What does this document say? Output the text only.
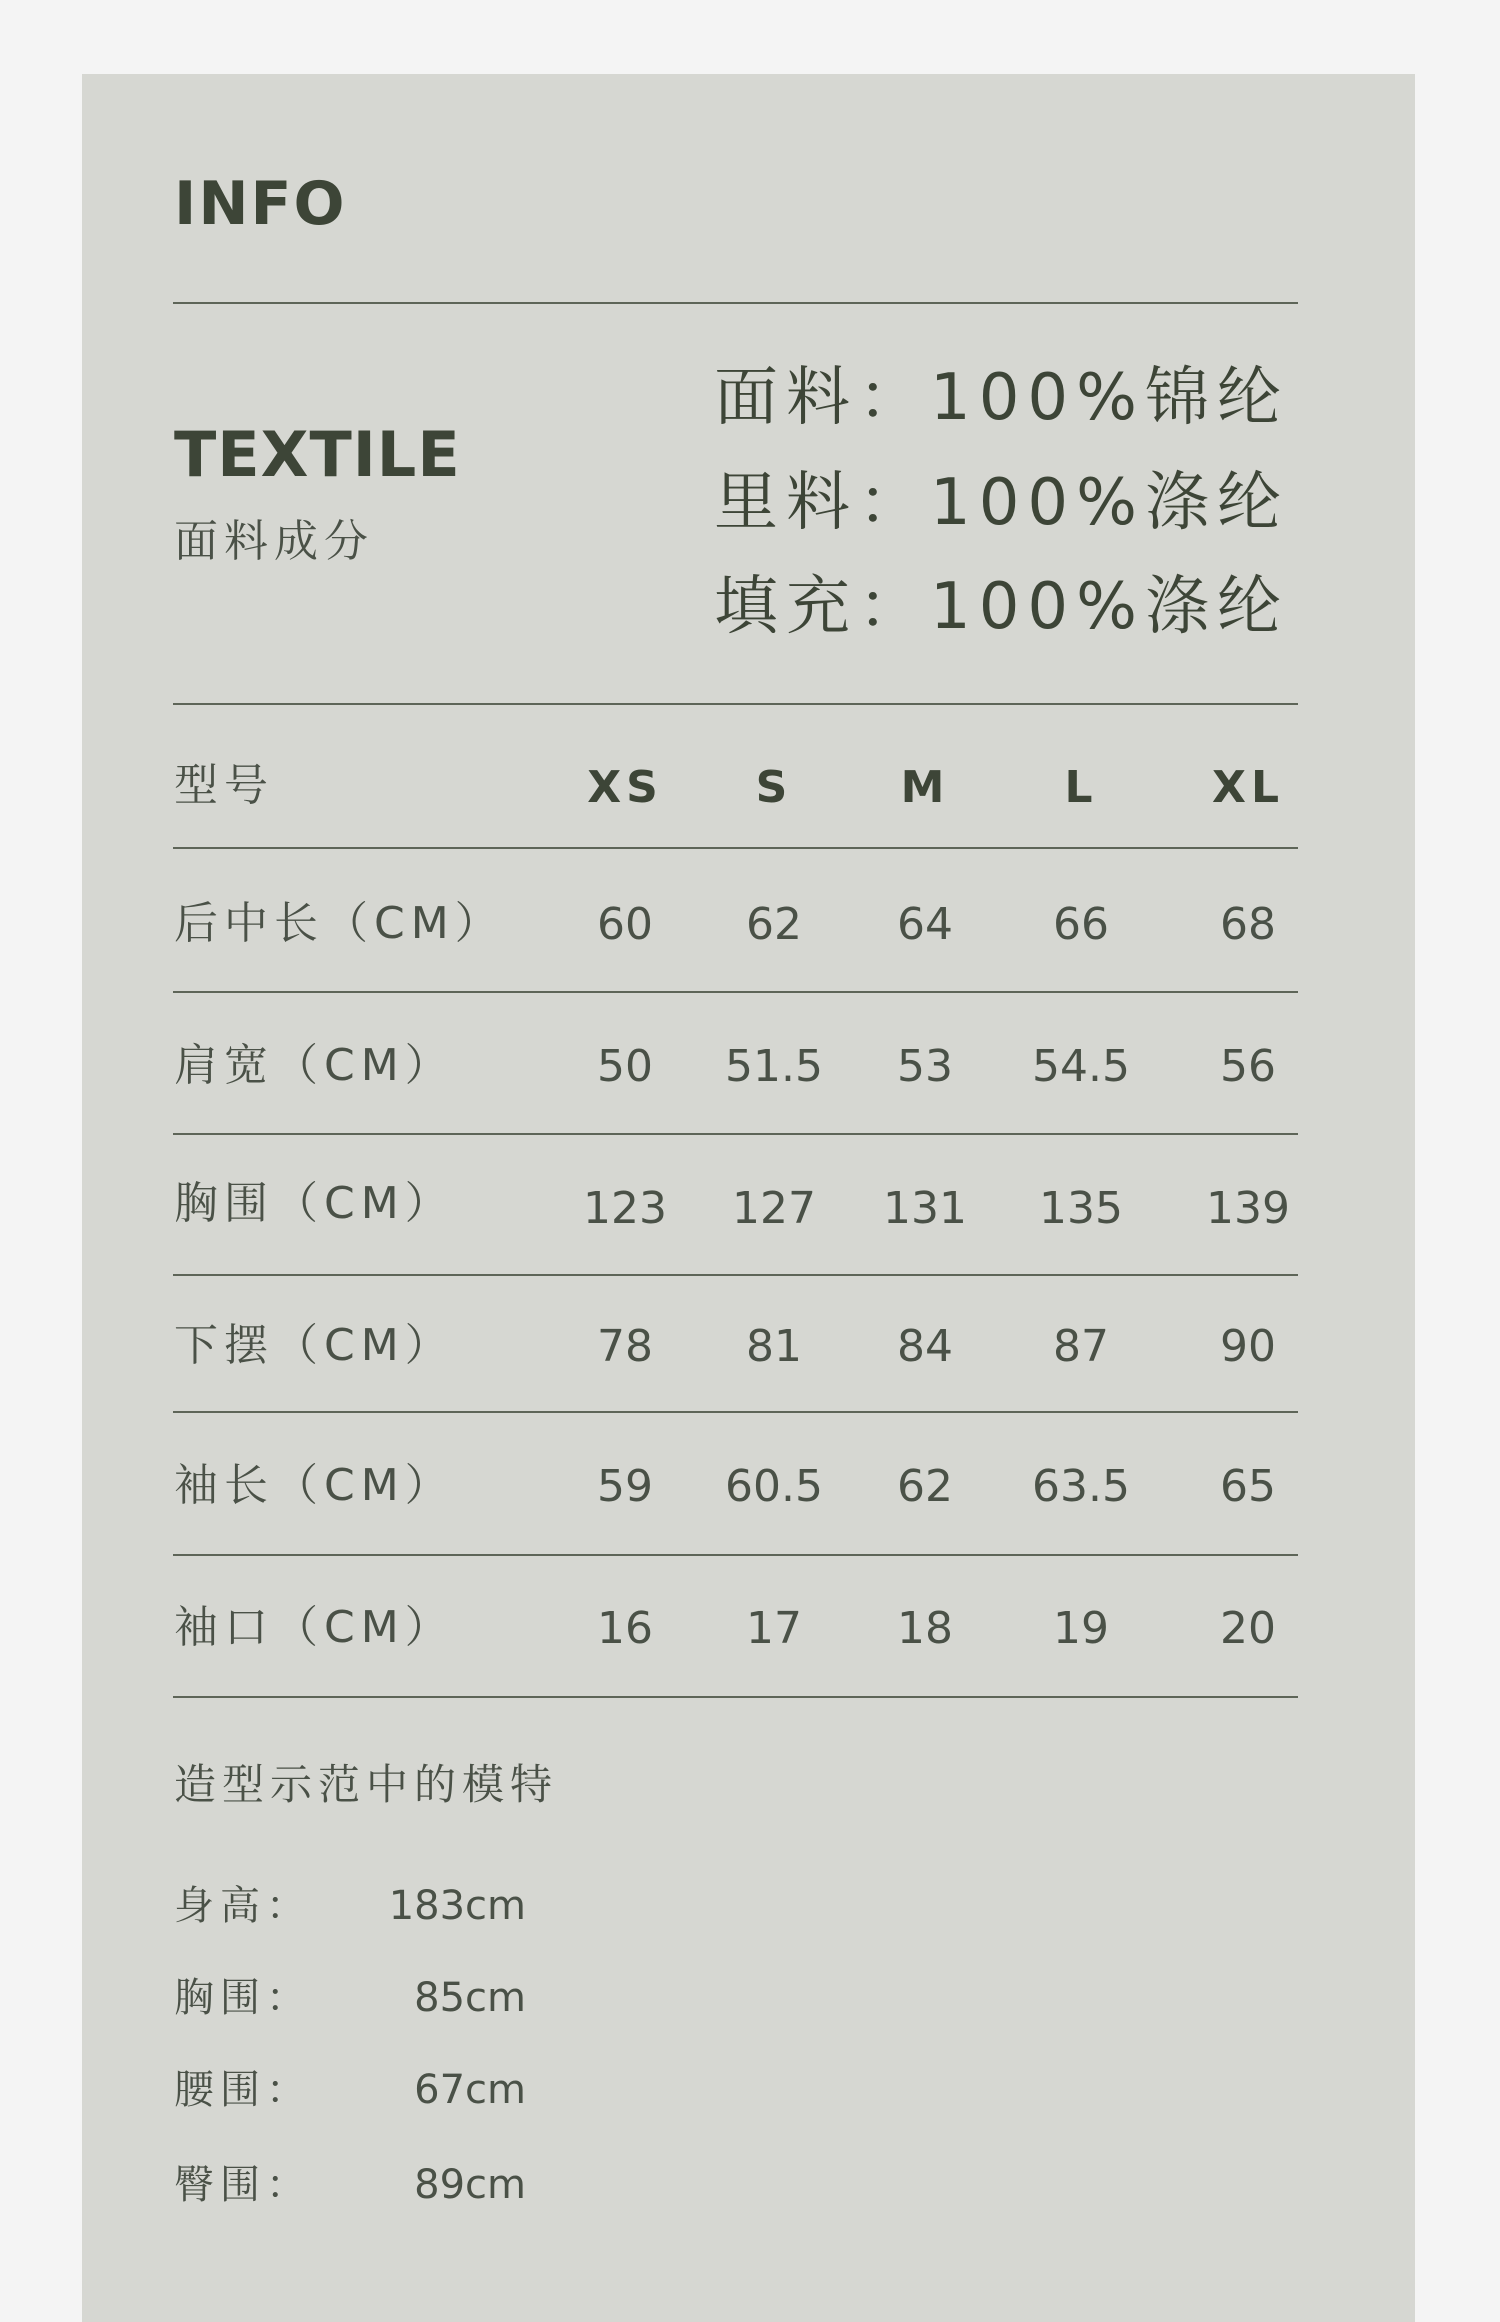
INFO
TEXTILE
面料成分
面料：100%锦纶
里料：100%涤纶
填充：100%涤纶
型号	XS	S	M	L	XL
后中长（CM）	60	62	64	66	68
肩宽（CM）	50	51.5	53	54.5	56
胸围（CM）	123	127	131	135	139
下摆（CM）	78	81	84	87	90
袖长（CM）	59	60.5	62	63.5	65
袖口（CM）	16	17	18	19	20
造型示范中的模特
身高：	183cm
胸围：	85cm
腰围：	67cm
臀围：	89cm
